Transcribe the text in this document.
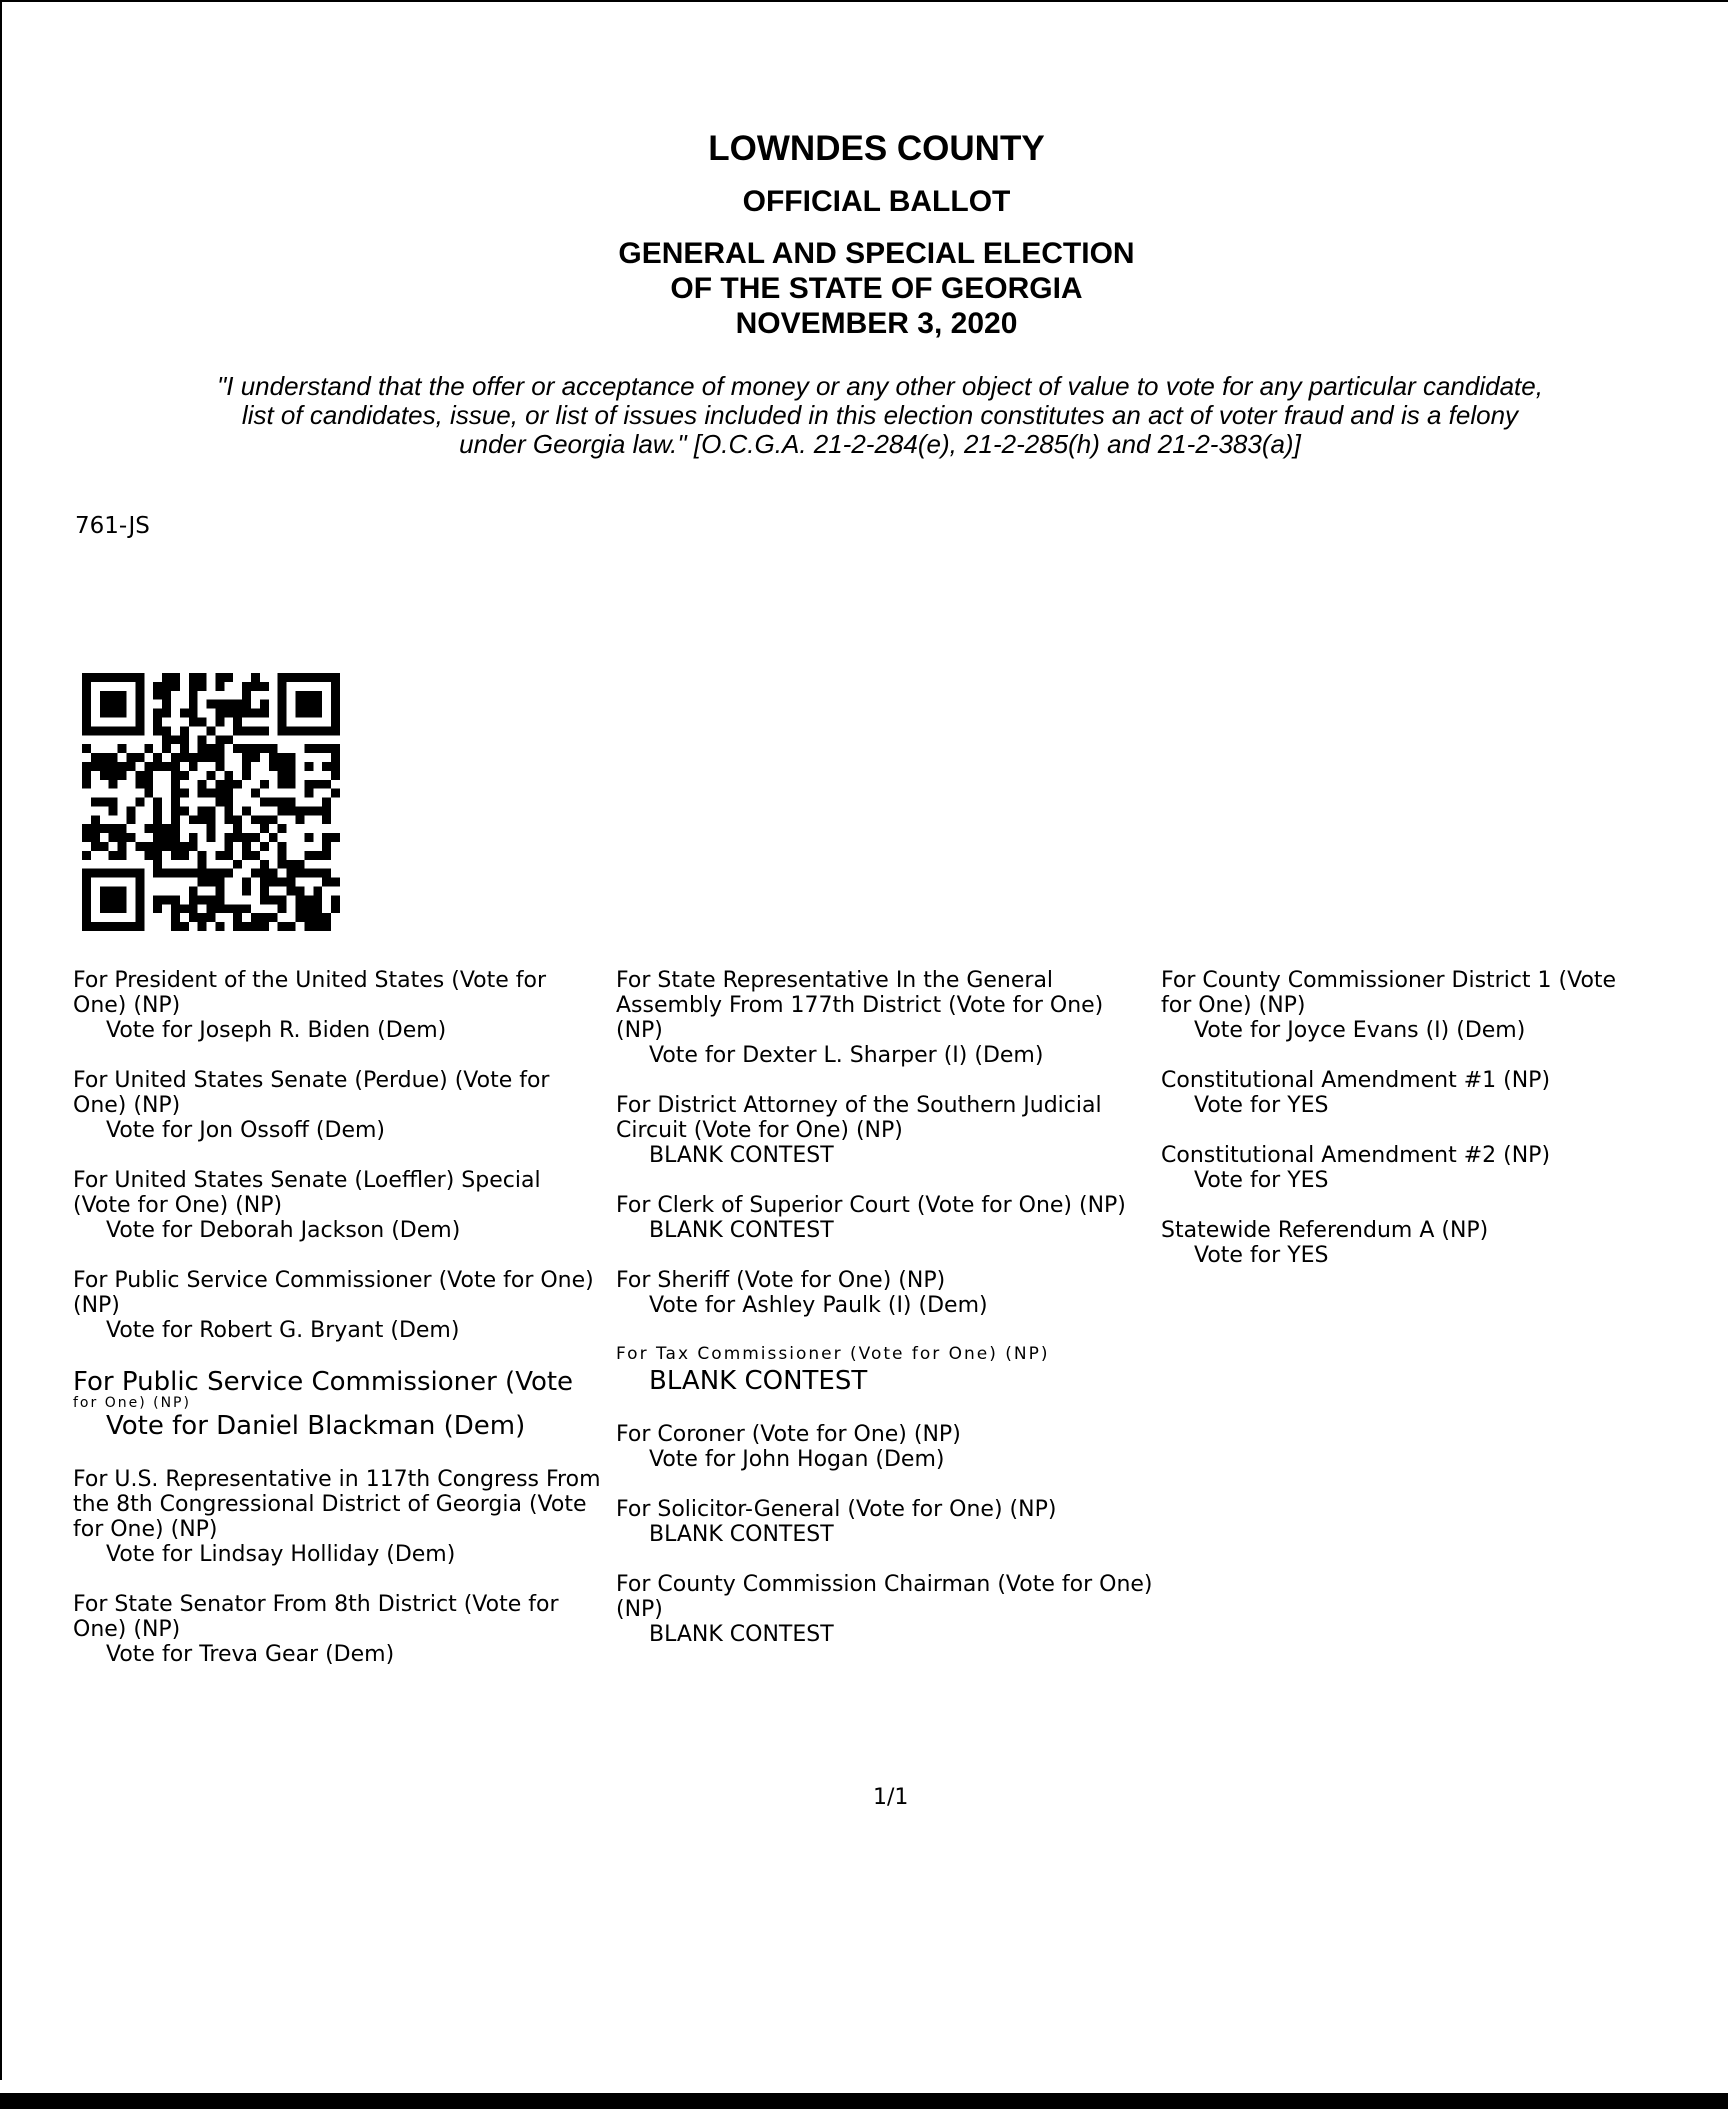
LOWNDES COUNTY
OFFICIAL BALLOT
GENERAL AND SPECIAL ELECTION
OF THE STATE OF GEORGIA
NOVEMBER 3, 2020
"I understand that the offer or acceptance of money or any other object of value to vote for any particular candidate,
list of candidates, issue, or list of issues included in this election constitutes an act of voter fraud and is a felony
under Georgia law." [O.C.G.A. 21-2-284(e), 21-2-285(h) and 21-2-383(a)]
761-JS
For President of the United States (Vote for One) (NP)
Vote for Joseph R. Biden (Dem)
For United States Senate (Perdue) (Vote for One) (NP)
Vote for Jon Ossoff (Dem)
For United States Senate (Loeffler) Special (Vote for One) (NP)
Vote for Deborah Jackson (Dem)
For Public Service Commissioner (Vote for One) (NP)
Vote for Robert G. Bryant (Dem)
For Public Service Commissioner (Vote
for One) (NP)
Vote for Daniel Blackman (Dem)
For U.S. Representative in 117th Congress From the 8th Congressional District of Georgia (Vote for One) (NP)
Vote for Lindsay Holliday (Dem)
For State Senator From 8th District (Vote for One) (NP)
Vote for Treva Gear (Dem)
For State Representative In the General Assembly From 177th District (Vote for One) (NP)
Vote for Dexter L. Sharper (I) (Dem)
For District Attorney of the Southern Judicial Circuit (Vote for One) (NP)
BLANK CONTEST
For Clerk of Superior Court (Vote for One) (NP)
BLANK CONTEST
For Sheriff (Vote for One) (NP)
Vote for Ashley Paulk (I) (Dem)
For Tax Commissioner (Vote for One) (NP)
BLANK CONTEST
For Coroner (Vote for One) (NP)
Vote for John Hogan (Dem)
For Solicitor-General (Vote for One) (NP)
BLANK CONTEST
For County Commission Chairman (Vote for One) (NP)
BLANK CONTEST
For County Commissioner District 1 (Vote
for One) (NP)
Vote for Joyce Evans (I) (Dem)
Constitutional Amendment #1 (NP)
Vote for YES
Constitutional Amendment #2 (NP)
Vote for YES
Statewide Referendum A (NP)
Vote for YES
1/1
